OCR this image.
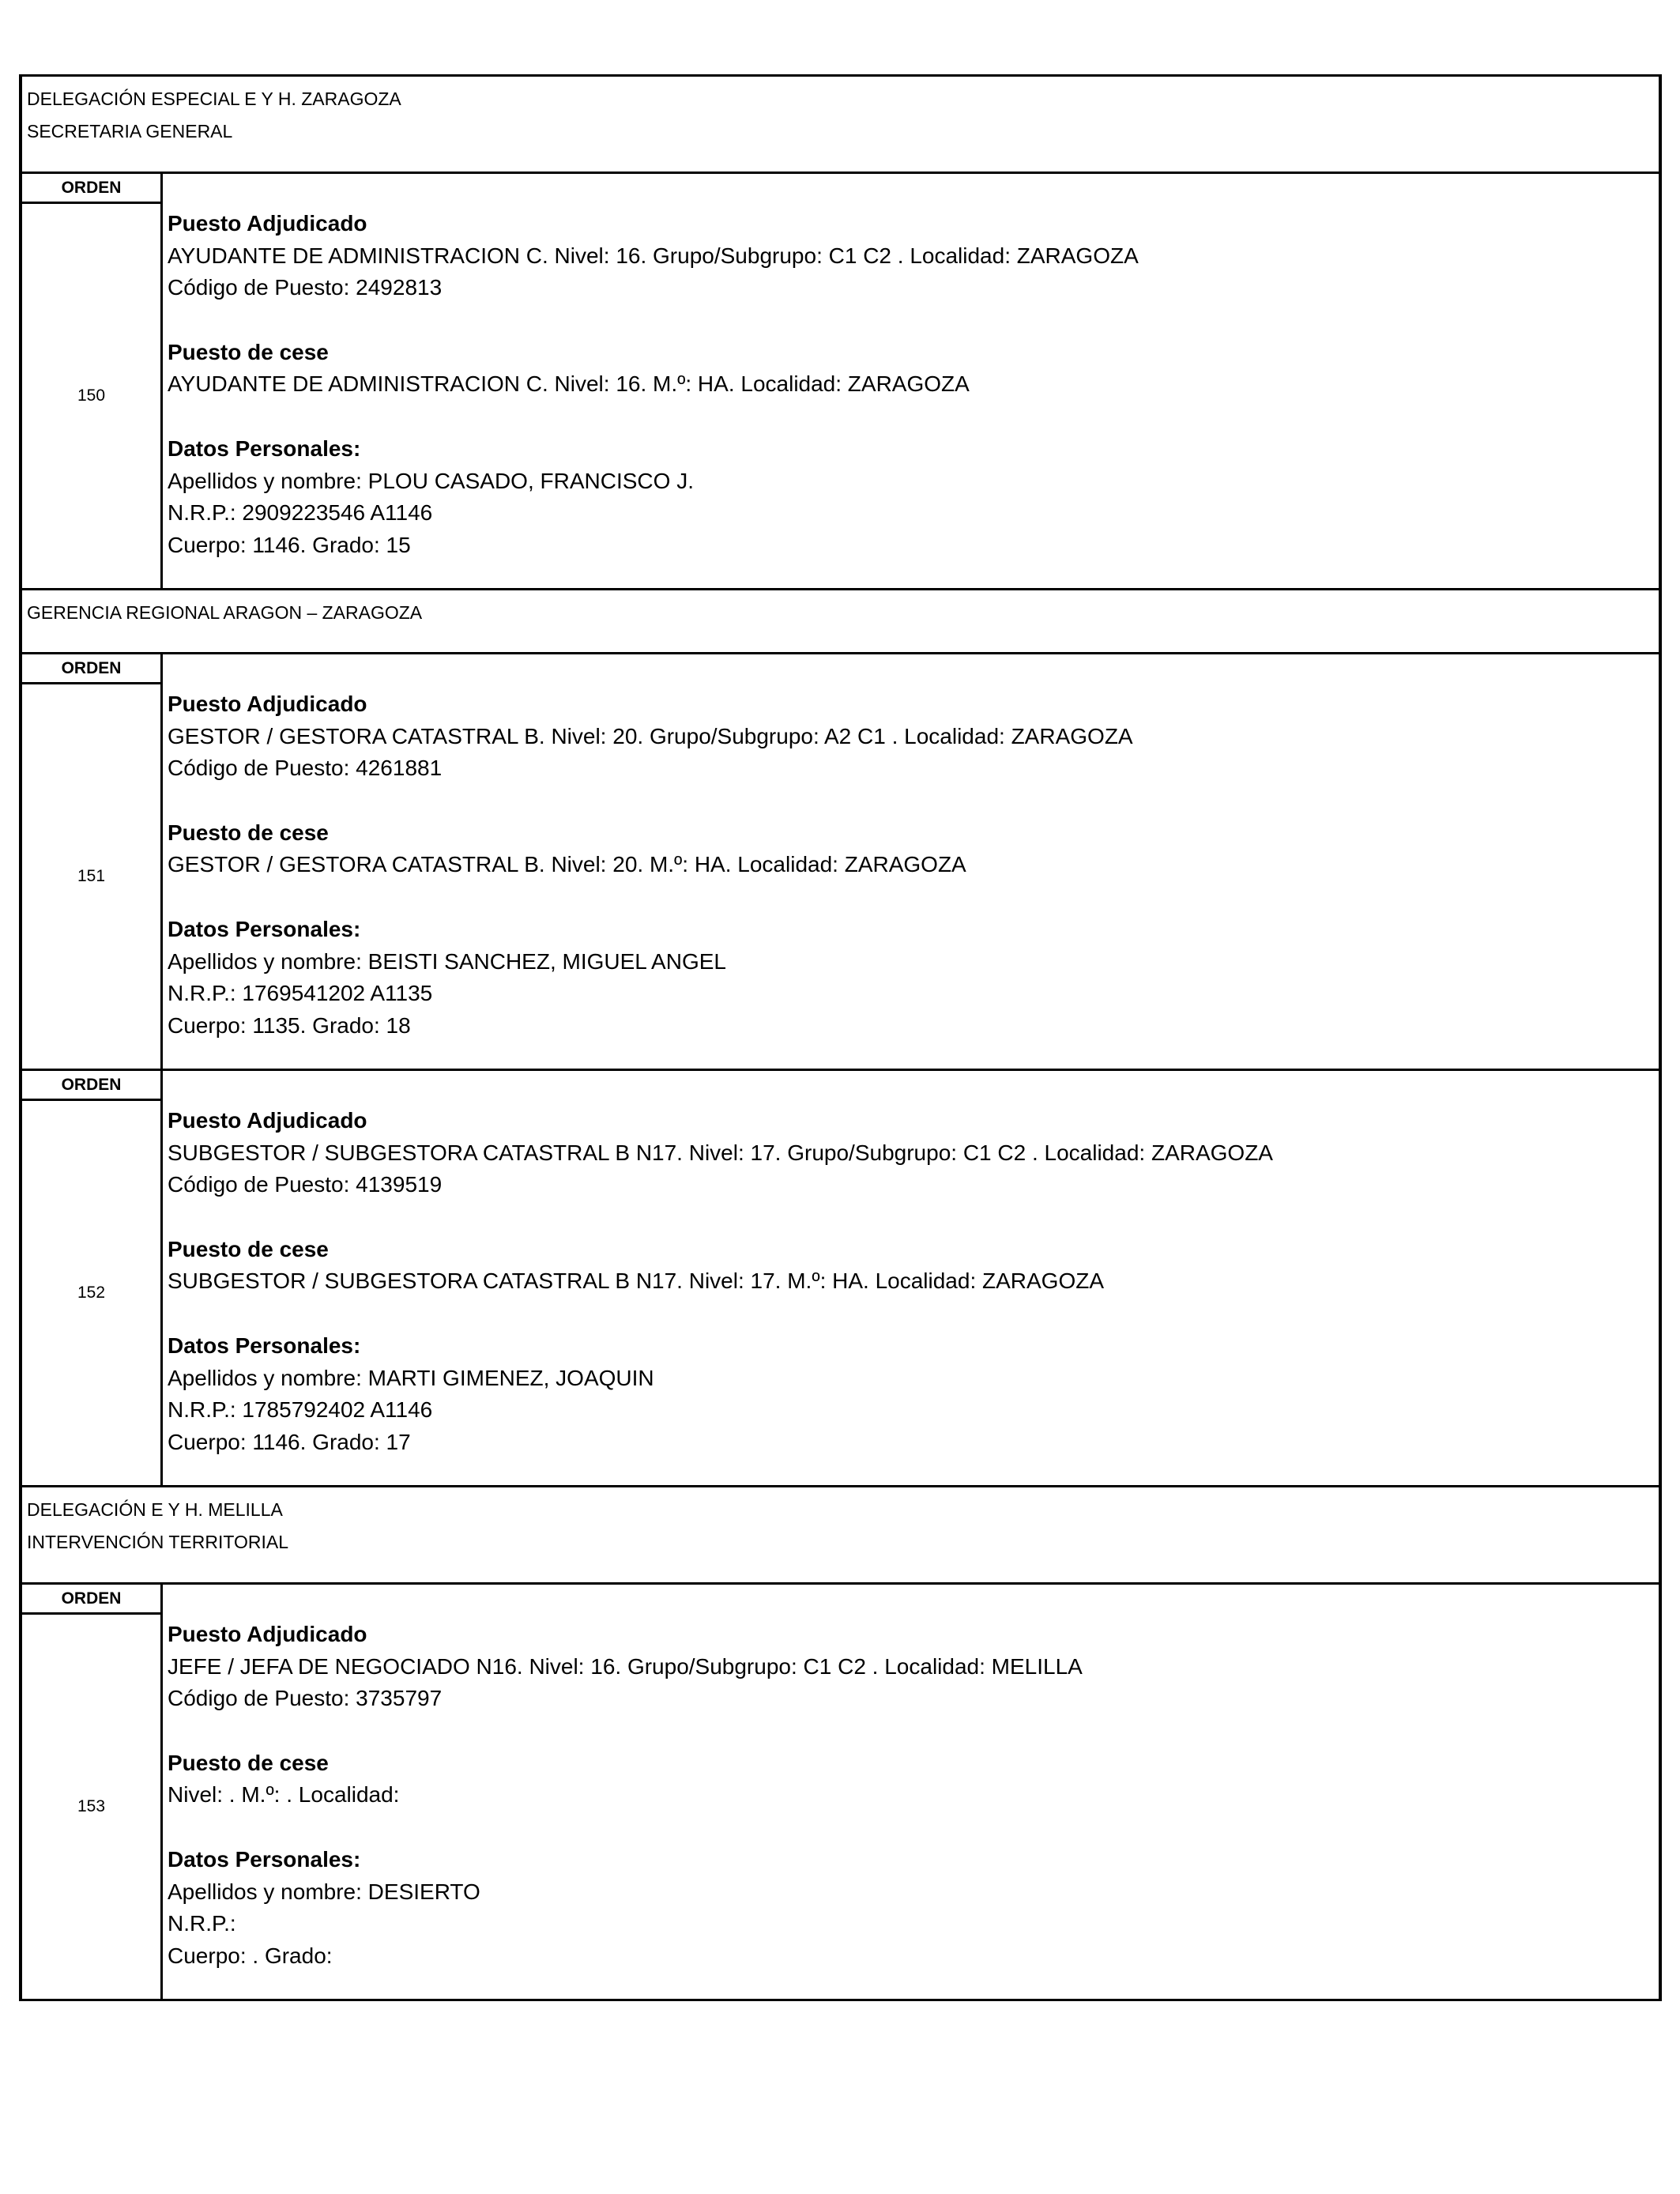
DELEGACIÓN ESPECIAL E Y H. ZARAGOZA
SECRETARIA GENERAL
ORDEN
150
Puesto Adjudicado
AYUDANTE DE ADMINISTRACION C. Nivel: 16. Grupo/Subgrupo: C1 C2 . Localidad: ZARAGOZA
Código de Puesto: 2492813
Puesto de cese
AYUDANTE DE ADMINISTRACION C. Nivel: 16. M.º: HA. Localidad: ZARAGOZA
Datos Personales:
Apellidos y nombre: PLOU CASADO, FRANCISCO J.
N.R.P.: 2909223546 A1146
Cuerpo: 1146. Grado: 15
GERENCIA REGIONAL ARAGON – ZARAGOZA
ORDEN
151
Puesto Adjudicado
GESTOR / GESTORA CATASTRAL B. Nivel: 20. Grupo/Subgrupo: A2 C1 . Localidad: ZARAGOZA
Código de Puesto: 4261881
Puesto de cese
GESTOR / GESTORA CATASTRAL B. Nivel: 20. M.º: HA. Localidad: ZARAGOZA
Datos Personales:
Apellidos y nombre: BEISTI SANCHEZ, MIGUEL ANGEL
N.R.P.: 1769541202 A1135
Cuerpo: 1135. Grado: 18
ORDEN
152
Puesto Adjudicado
SUBGESTOR / SUBGESTORA CATASTRAL B N17. Nivel: 17. Grupo/Subgrupo: C1 C2 . Localidad: ZARAGOZA
Código de Puesto: 4139519
Puesto de cese
SUBGESTOR / SUBGESTORA CATASTRAL B N17. Nivel: 17. M.º: HA. Localidad: ZARAGOZA
Datos Personales:
Apellidos y nombre: MARTI GIMENEZ, JOAQUIN
N.R.P.: 1785792402 A1146
Cuerpo: 1146. Grado: 17
DELEGACIÓN E Y H. MELILLA
INTERVENCIÓN TERRITORIAL
ORDEN
153
Puesto Adjudicado
JEFE / JEFA DE NEGOCIADO N16. Nivel: 16. Grupo/Subgrupo: C1 C2 . Localidad: MELILLA
Código de Puesto: 3735797
Puesto de cese
Nivel: . M.º: . Localidad:
Datos Personales:
Apellidos y nombre: DESIERTO
N.R.P.:
Cuerpo: . Grado:
